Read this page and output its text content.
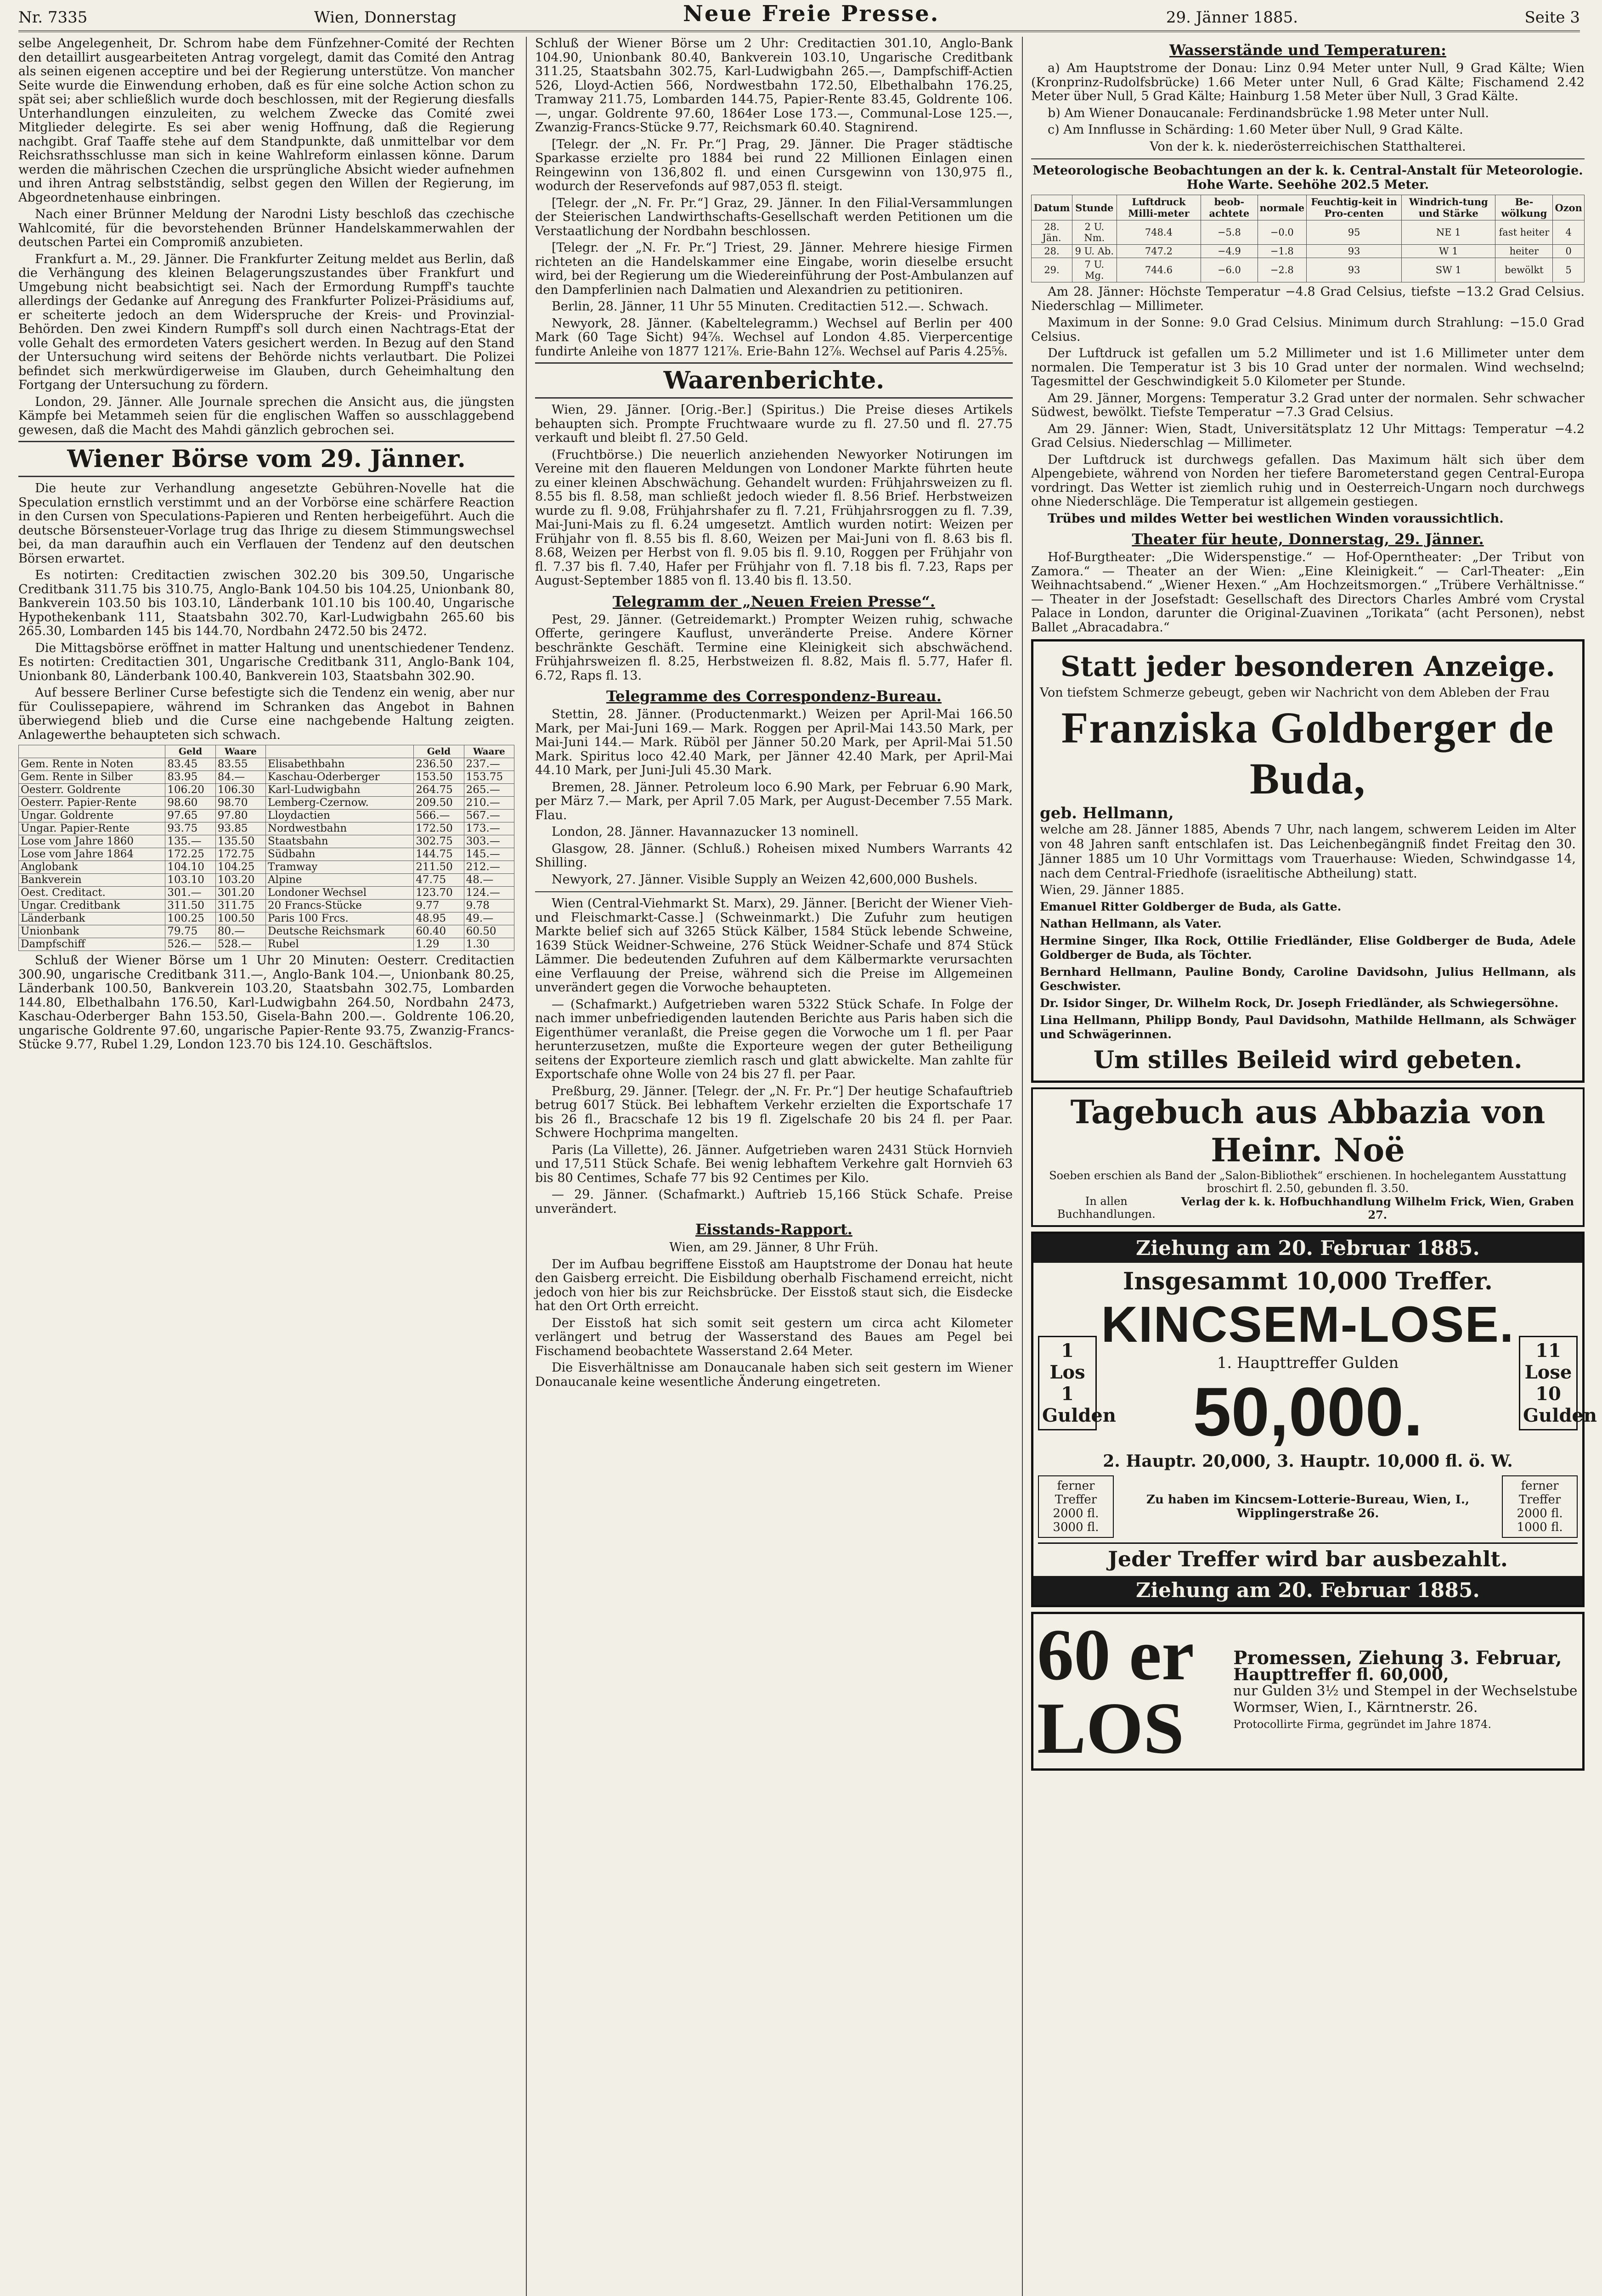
Nr. 7335	Wien, Donnerstag	Neue Freie Presse.	29. Jänner 1885.	Seite 3

selbe Angelegenheit, Dr. Schrom habe dem Fünfzehner-Comité der Rechten den detaillirt ausgearbeiteten Antrag vorgelegt, damit das Comité den Antrag als seinen eigenen acceptire und bei der Regierung unterstütze. Von mancher Seite wurde die Einwendung erhoben, daß es für eine solche Action schon zu spät sei; aber schließlich wurde doch beschlossen, mit der Regierung diesfalls Unterhandlungen einzuleiten, zu welchem Zwecke das Comité zwei Mitglieder delegirte. Es sei aber wenig Hoffnung, daß die Regierung nachgibt. Graf Taaffe stehe auf dem Standpunkte, daß unmittelbar vor dem Reichsrathsschlusse man sich in keine Wahlreform einlassen könne. Darum werden die mährischen Czechen die ursprüngliche Absicht wieder aufnehmen und ihren Antrag selbstständig, selbst gegen den Willen der Regierung, im Abgeordnetenhause einbringen.

Nach einer Brünner Meldung der Narodni Listy beschloß das czechische Wahlcomité, für die bevorstehenden Brünner Handelskammerwahlen der deutschen Partei ein Compromiß anzubieten.

Frankfurt a. M., 29. Jänner. Die Frankfurter Zeitung meldet aus Berlin, daß die Verhängung des kleinen Belagerungszustandes über Frankfurt und Umgebung nicht beabsichtigt sei. Nach der Ermordung Rumpff's tauchte allerdings der Gedanke auf Anregung des Frankfurter Polizei-Präsidiums auf, er scheiterte jedoch an dem Widerspruche der Kreis- und Provinzial-Behörden. Den zwei Kindern Rumpff's soll durch einen Nachtrags-Etat der volle Gehalt des ermordeten Vaters gesichert werden. In Bezug auf den Stand der Untersuchung wird seitens der Behörde nichts verlautbart. Die Polizei befindet sich merkwürdigerweise im Glauben, durch Geheimhaltung den Fortgang der Untersuchung zu fördern.

London, 29. Jänner. Alle Journale sprechen die Ansicht aus, die jüngsten Kämpfe bei Metammeh seien für die englischen Waffen so ausschlaggebend gewesen, daß die Macht des Mahdi gänzlich gebrochen sei.

Wiener Börse vom 29. Jänner.

Die heute zur Verhandlung angesetzte Gebühren-Novelle hat die Speculation ernstlich verstimmt und an der Vorbörse eine schärfere Reaction in den Cursen von Speculations-Papieren und Renten herbeigeführt. Auch die deutsche Börsensteuer-Vorlage trug das Ihrige zu diesem Stimmungswechsel bei, da man daraufhin auch ein Verflauen der Tendenz auf den deutschen Börsen erwartet.

Es notirten: Creditactien zwischen 302.20 bis 309.50, Ungarische Creditbank 311.75 bis 310.75, Anglo-Bank 104.50 bis 104.25, Unionbank 80, Bankverein 103.50 bis 103.10, Länderbank 101.10 bis 100.40, Ungarische Hypothekenbank 111, Staatsbahn 302.70, Karl-Ludwigbahn 265.60 bis 265.30, Lombarden 145 bis 144.70, Nordbahn 2472.50 bis 2472.

Die Mittagsbörse eröffnet in matter Haltung und unentschiedener Tendenz. Es notirten: Creditactien 301, Ungarische Creditbank 311, Anglo-Bank 104, Unionbank 80, Länderbank 100.40, Bankverein 103, Staatsbahn 302.90.

Auf bessere Berliner Curse befestigte sich die Tendenz ein wenig, aber nur für Coulissepapiere, während im Schranken das Angebot in Bahnen überwiegend blieb und die Curse eine nachgebende Haltung zeigten. Anlagewerthe behaupteten sich schwach.

	Geld	Waare		Geld	Waare
Gem. Rente in Noten	83.45	83.55	Elisabethbahn	236.50	237.—
Gem. Rente in Silber	83.95	84.—	Kaschau-Oderberger	153.50	153.75
Oesterr. Goldrente	106.20	106.30	Karl-Ludwigbahn	264.75	265.—
Oesterr. Papier-Rente	98.60	98.70	Lemberg-Czernow.	209.50	210.—
Ungar. Goldrente	97.65	97.80	Lloydactien	566.—	567.—
Ungar. Papier-Rente	93.75	93.85	Nordwestbahn	172.50	173.—
Lose vom Jahre 1860	135.—	135.50	Staatsbahn	302.75	303.—
Lose vom Jahre 1864	172.25	172.75	Südbahn	144.75	145.—
Anglobank	104.10	104.25	Tramway	211.50	212.—
Bankverein	103.10	103.20	Alpine	47.75	48.—
Oest. Creditact.	301.—	301.20	Londoner Wechsel	123.70	124.—
Ungar. Creditbank	311.50	311.75	20 Francs-Stücke	9.77	9.78
Länderbank	100.25	100.50	Paris 100 Frcs.	48.95	49.—
Unionbank	79.75	80.—	Deutsche Reichsmark	60.40	60.50
Dampfschiff	526.—	528.—	Rubel	1.29	1.30

Schluß der Wiener Börse um 1 Uhr 20 Minuten: Oesterr. Creditactien 300.90, ungarische Creditbank 311.—, Anglo-Bank 104.—, Unionbank 80.25, Länderbank 100.50, Bankverein 103.20, Staatsbahn 302.75, Lombarden 144.80, Elbethalbahn 176.50, Karl-Ludwigbahn 264.50, Nordbahn 2473, Kaschau-Oderberger Bahn 153.50, Gisela-Bahn 200.—. Goldrente 106.20, ungarische Goldrente 97.60, ungarische Papier-Rente 93.75, Zwanzig-Francs-Stücke 9.77, Rubel 1.29, London 123.70 bis 124.10. Geschäftslos.

Schluß der Wiener Börse um 2 Uhr: Creditactien 301.10, Anglo-Bank 104.90, Unionbank 80.40, Bankverein 103.10, Ungarische Creditbank 311.25, Staatsbahn 302.75, Karl-Ludwigbahn 265.—, Dampfschiff-Actien 526, Lloyd-Actien 566, Nordwestbahn 172.50, Elbethalbahn 176.25, Tramway 211.75, Lombarden 144.75, Papier-Rente 83.45, Goldrente 106.—, ungar. Goldrente 97.60, 1864er Lose 173.—, Communal-Lose 125.—, Zwanzig-Francs-Stücke 9.77, Reichsmark 60.40. Stagnirend.

[Telegr. der „N. Fr. Pr.“] Prag, 29. Jänner. Die Prager städtische Sparkasse erzielte pro 1884 bei rund 22 Millionen Einlagen einen Reingewinn von 136,802 fl. und einen Cursgewinn von 130,975 fl., wodurch der Reservefonds auf 987,053 fl. steigt.

[Telegr. der „N. Fr. Pr.“] Graz, 29. Jänner. In den Filial-Versammlungen der Steierischen Landwirthschafts-Gesellschaft werden Petitionen um die Verstaatlichung der Nordbahn beschlossen.

[Telegr. der „N. Fr. Pr.“] Triest, 29. Jänner. Mehrere hiesige Firmen richteten an die Handelskammer eine Eingabe, worin dieselbe ersucht wird, bei der Regierung um die Wiedereinführung der Post-Ambulanzen auf den Dampferlinien nach Dalmatien und Alexandrien zu petitioniren.

Berlin, 28. Jänner, 11 Uhr 55 Minuten. Creditactien 512.—. Schwach.

Newyork, 28. Jänner. (Kabeltelegramm.) Wechsel auf Berlin per 400 Mark (60 Tage Sicht) 94⅞. Wechsel auf London 4.85. Vierpercentige fundirte Anleihe von 1877 121⅞. Erie-Bahn 12⅞. Wechsel auf Paris 4.25⅝.

Waarenberichte.

Wien, 29. Jänner. [Orig.-Ber.] (Spiritus.) Die Preise dieses Artikels behaupten sich. Prompte Fruchtwaare wurde zu fl. 27.50 und fl. 27.75 verkauft und bleibt fl. 27.50 Geld.

(Fruchtbörse.) Die neuerlich anziehenden Newyorker Notirungen im Vereine mit den flaueren Meldungen von Londoner Markte führten heute zu einer kleinen Abschwächung. Gehandelt wurden: Frühjahrsweizen zu fl. 8.55 bis fl. 8.58, man schließt jedoch wieder fl. 8.56 Brief. Herbstweizen wurde zu fl. 9.08, Frühjahrshafer zu fl. 7.21, Frühjahrsroggen zu fl. 7.39, Mai-Juni-Mais zu fl. 6.24 umgesetzt. Amtlich wurden notirt: Weizen per Frühjahr von fl. 8.55 bis fl. 8.60, Weizen per Mai-Juni von fl. 8.63 bis fl. 8.68, Weizen per Herbst von fl. 9.05 bis fl. 9.10, Roggen per Frühjahr von fl. 7.37 bis fl. 7.40, Hafer per Frühjahr von fl. 7.18 bis fl. 7.23, Raps per August-September 1885 von fl. 13.40 bis fl. 13.50.

Telegramm der „Neuen Freien Presse“.

Pest, 29. Jänner. (Getreidemarkt.) Prompter Weizen ruhig, schwache Offerte, geringere Kauflust, unveränderte Preise. Andere Körner beschränkte Geschäft. Termine eine Kleinigkeit sich abschwächend. Frühjahrsweizen fl. 8.25, Herbstweizen fl. 8.82, Mais fl. 5.77, Hafer fl. 6.72, Raps fl. 13.

Telegramme des Correspondenz-Bureau.

Stettin, 28. Jänner. (Productenmarkt.) Weizen per April-Mai 166.50 Mark, per Mai-Juni 169.— Mark. Roggen per April-Mai 143.50 Mark, per Mai-Juni 144.— Mark. Rüböl per Jänner 50.20 Mark, per April-Mai 51.50 Mark. Spiritus loco 42.40 Mark, per Jänner 42.40 Mark, per April-Mai 44.10 Mark, per Juni-Juli 45.30 Mark.

Bremen, 28. Jänner. Petroleum loco 6.90 Mark, per Februar 6.90 Mark, per März 7.— Mark, per April 7.05 Mark, per August-December 7.55 Mark. Flau.

London, 28. Jänner. Havannazucker 13 nominell.

Glasgow, 28. Jänner. (Schluß.) Roheisen mixed Numbers Warrants 42 Shilling.

Newyork, 27. Jänner. Visible Supply an Weizen 42,600,000 Bushels.

Wien (Central-Viehmarkt St. Marx), 29. Jänner. [Bericht der Wiener Vieh- und Fleischmarkt-Casse.] (Schweinmarkt.) Die Zufuhr zum heutigen Markte belief sich auf 3265 Stück Kälber, 1584 Stück lebende Schweine, 1639 Stück Weidner-Schweine, 276 Stück Weidner-Schafe und 874 Stück Lämmer. Die bedeutenden Zufuhren auf dem Kälbermarkte verursachten eine Verflauung der Preise, während sich die Preise im Allgemeinen unverändert gegen die Vorwoche behaupteten.

— (Schafmarkt.) Aufgetrieben waren 5322 Stück Schafe. In Folge der nach immer unbefriedigenden lautenden Berichte aus Paris haben sich die Eigenthümer veranlaßt, die Preise gegen die Vorwoche um 1 fl. per Paar herunterzusetzen, mußte die Exporteure wegen der guter Betheiligung seitens der Exporteure ziemlich rasch und glatt abwickelte. Man zahlte für Exportschafe ohne Wolle von 24 bis 27 fl. per Paar.

Preßburg, 29. Jänner. [Telegr. der „N. Fr. Pr.“] Der heutige Schafauftrieb betrug 6017 Stück. Bei lebhaftem Verkehr erzielten die Exportschafe 17 bis 26 fl., Bracschafe 12 bis 19 fl. Zigelschafe 20 bis 24 fl. per Paar. Schwere Hochprima mangelten.

Paris (La Villette), 26. Jänner. Aufgetrieben waren 2431 Stück Hornvieh und 17,511 Stück Schafe. Bei wenig lebhaftem Verkehre galt Hornvieh 63 bis 80 Centimes, Schafe 77 bis 92 Centimes per Kilo.

— 29. Jänner. (Schafmarkt.) Auftrieb 15,166 Stück Schafe. Preise unverändert.

Eisstands-Rapport.

Wien, am 29. Jänner, 8 Uhr Früh.

Der im Aufbau begriffene Eisstoß am Hauptstrome der Donau hat heute den Gaisberg erreicht. Die Eisbildung oberhalb Fischamend erreicht, nicht jedoch von hier bis zur Reichsbrücke. Der Eisstoß staut sich, die Eisdecke hat den Ort Orth erreicht.

Der Eisstoß hat sich somit seit gestern um circa acht Kilometer verlängert und betrug der Wasserstand des Baues am Pegel bei Fischamend beobachtete Wasserstand 2.64 Meter.

Die Eisverhältnisse am Donaucanale haben sich seit gestern im Wiener Donaucanale keine wesentliche Änderung eingetreten.

Wasserstände und Temperaturen:

a) Am Hauptstrome der Donau: Linz 0.94 Meter unter Null, 9 Grad Kälte; Wien (Kronprinz-Rudolfsbrücke) 1.66 Meter unter Null, 6 Grad Kälte; Fischamend 2.42 Meter über Null, 5 Grad Kälte; Hainburg 1.58 Meter über Null, 3 Grad Kälte.

b) Am Wiener Donaucanale: Ferdinandsbrücke 1.98 Meter unter Null.

c) Am Innflusse in Schärding: 1.60 Meter über Null, 9 Grad Kälte.

Von der k. k. niederösterreichischen Statthalterei.

Meteorologische Beobachtungen an der k. k. Central-Anstalt für Meteorologie. Hohe Warte. Seehöhe 202.5 Meter.

Datum	Stunde	Luftdruck Milli-meter	beob-achtete	normale	Feuchtig-keit in Pro-centen	Windrich-tung und Stärke	Be-wölkung	Ozon
28. Jän.	2 U. Nm.	748.4	−5.8	−0.0	95	NE 1	fast heiter	4
28.	9 U. Ab.	747.2	−4.9	−1.8	93	W 1	heiter	0
29.	7 U. Mg.	744.6	−6.0	−2.8	93	SW 1	bewölkt	5

Am 28. Jänner: Höchste Temperatur −4.8 Grad Celsius, tiefste −13.2 Grad Celsius. Niederschlag — Millimeter.

Maximum in der Sonne: 9.0 Grad Celsius. Minimum durch Strahlung: −15.0 Grad Celsius.

Der Luftdruck ist gefallen um 5.2 Millimeter und ist 1.6 Millimeter unter dem normalen. Die Temperatur ist 3 bis 10 Grad unter der normalen. Wind wechselnd; Tagesmittel der Geschwindigkeit 5.0 Kilometer per Stunde.

Am 29. Jänner, Morgens: Temperatur 3.2 Grad unter der normalen. Sehr schwacher Südwest, bewölkt. Tiefste Temperatur −7.3 Grad Celsius.

Am 29. Jänner: Wien, Stadt, Universitätsplatz 12 Uhr Mittags: Temperatur −4.2 Grad Celsius. Niederschlag — Millimeter.

Der Luftdruck ist durchwegs gefallen. Das Maximum hält sich über dem Alpengebiete, während von Norden her tiefere Barometerstand gegen Central-Europa vordringt. Das Wetter ist ziemlich ruhig und in Oesterreich-Ungarn noch durchwegs ohne Niederschläge. Die Temperatur ist allgemein gestiegen.

Trübes und mildes Wetter bei westlichen Winden voraussichtlich.

Theater für heute, Donnerstag, 29. Jänner.

Hof-Burgtheater: „Die Widerspenstige.“ — Hof-Operntheater: „Der Tribut von Zamora.“ — Theater an der Wien: „Eine Kleinigkeit.“ — Carl-Theater: „Ein Weihnachtsabend.“ „Wiener Hexen.“ „Am Hochzeitsmorgen.“ „Trübere Verhältnisse.“ — Theater in der Josefstadt: Gesellschaft des Directors Charles Ambré vom Crystal Palace in London, darunter die Original-Zuavinen „Torikata“ (acht Personen), nebst Ballet „Abracadabra.“

Statt jeder besonderen Anzeige.

Von tiefstem Schmerze gebeugt, geben wir Nachricht von dem Ableben der Frau

Franziska Goldberger de Buda,

geb. Hellmann,

welche am 28. Jänner 1885, Abends 7 Uhr, nach langem, schwerem Leiden im Alter von 48 Jahren sanft entschlafen ist. Das Leichenbegängniß findet Freitag den 30. Jänner 1885 um 10 Uhr Vormittags vom Trauerhause: Wieden, Schwindgasse 14, nach dem Central-Friedhofe (israelitische Abtheilung) statt.

Wien, 29. Jänner 1885.

Emanuel Ritter Goldberger de Buda, als Gatte.

Nathan Hellmann, als Vater.

Hermine Singer, Ilka Rock, Ottilie Friedländer, Elise Goldberger de Buda, Adele Goldberger de Buda, als Töchter.

Bernhard Hellmann, Pauline Bondy, Caroline Davidsohn, Julius Hellmann, als Geschwister.

Dr. Isidor Singer, Dr. Wilhelm Rock, Dr. Joseph Friedländer, als Schwiegersöhne.

Lina Hellmann, Philipp Bondy, Paul Davidsohn, Mathilde Hellmann, als Schwäger und Schwägerinnen.

Um stilles Beileid wird gebeten.
Tagebuch aus Abbazia von Heinr. Noë
Soeben erschien als Band der „Salon-Bibliothek“ erschienen. In hochelegantem Ausstattung broschirt fl. 2.50, gebunden fl. 3.50.
In allen Buchhandlungen.
Verlag der k. k. Hofbuchhandlung Wilhelm Frick, Wien, Graben 27.
Ziehung am 20. Februar 1885.
Insgesammt 10,000 Treffer.
1 Los 1 Gulden
KINCSEM-LOSE.
1. Haupttreffer Gulden
50,000.
2. Hauptr. 20,000, 3. Hauptr. 10,000 fl. ö. W.
11 Lose 10 Gulden
ferner Treffer 2000 fl. 3000 fl.
Zu haben im Kincsem-Lotterie-Bureau, Wien, I., Wipplingerstraße 26.
ferner Treffer 2000 fl. 1000 fl.
Jeder Treffer wird bar ausbezahlt.
Ziehung am 20. Februar 1885.
60 er LOS
Promessen, Ziehung 3. Februar,
Haupttreffer fl. 60,000,
nur Gulden 3½ und Stempel in der Wechselstube Wormser, Wien, I., Kärntnerstr. 26.
Protocollirte Firma, gegründet im Jahre 1874.
